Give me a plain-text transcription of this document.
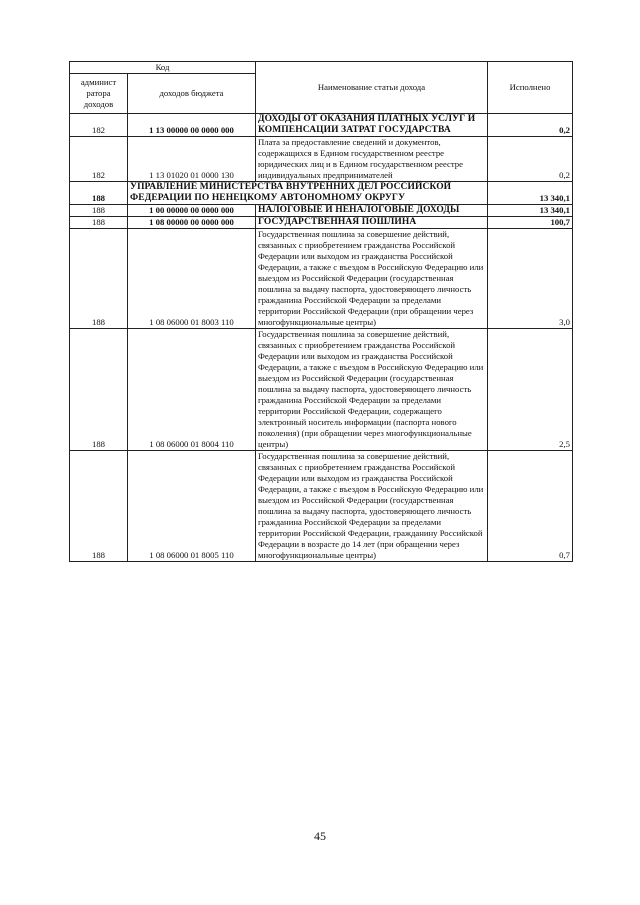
Код		Наименование статьи дохода	Исполнено
админист ратора доходов	доходов бюджета		
182	1 13 00000 00 0000 000	ДОХОДЫ ОТ ОКАЗАНИЯ ПЛАТНЫХ УСЛУГ И КОМПЕНСАЦИИ ЗАТРАТ ГОСУДАРСТВА	0,2
182	1 13 01020 01 0000 130	Плата за предоставление сведений и документов, содержащихся в Едином государственном реестре юридических лиц и в Едином государственном реестре индивидуальных предпринимателей	0,2
188	УПРАВЛЕНИЕ МИНИСТЕРСТВА ВНУТРЕННИХ ДЕЛ РОССИЙСКОЙ ФЕДЕРАЦИИ ПО НЕНЕЦКОМУ АВТОНОМНОМУ ОКРУГУ		13 340,1
188	1 00 00000 00 0000 000	НАЛОГОВЫЕ И НЕНАЛОГОВЫЕ ДОХОДЫ	13 340,1
188	1 08 00000 00 0000 000	ГОСУДАРСТВЕННАЯ ПОШЛИНА	100,7
188	1 08 06000 01 8003 110	Государственная пошлина за совершение действий, связанных с приобретением гражданства Российской Федерации или выходом из гражданства Российской Федерации, а также с въездом в Российскую Федерацию или выездом из Российской Федерации (государственная пошлина за выдачу паспорта, удостоверяющего личность гражданина Российской Федерации за пределами территории Российской Федерации (при обращении через многофункциональные центры)	3,0
188	1 08 06000 01 8004 110	Государственная пошлина за совершение действий, связанных с приобретением гражданства Российской Федерации или выходом из гражданства Российской Федерации, а также с въездом в Российскую Федерацию или выездом из Российской Федерации (государственная пошлина за выдачу паспорта, удостоверяющего личность гражданина Российской Федерации за пределами территории Российской Федерации, содержащего электронный носитель информации (паспорта нового поколения) (при обращении через многофункциональные центры)	2,5
188	1 08 06000 01 8005 110	Государственная пошлина за совершение действий, связанных с приобретением гражданства Российской Федерации или выходом из гражданства Российской Федерации, а также с въездом в Российскую Федерацию или выездом из Российской Федерации (государственная пошлина за выдачу паспорта, удостоверяющего личность гражданина Российской Федерации за пределами территории Российской Федерации, гражданину Российской Федерации в возрасте до 14 лет (при обращении через многофункциональные центры)	0,7
45
